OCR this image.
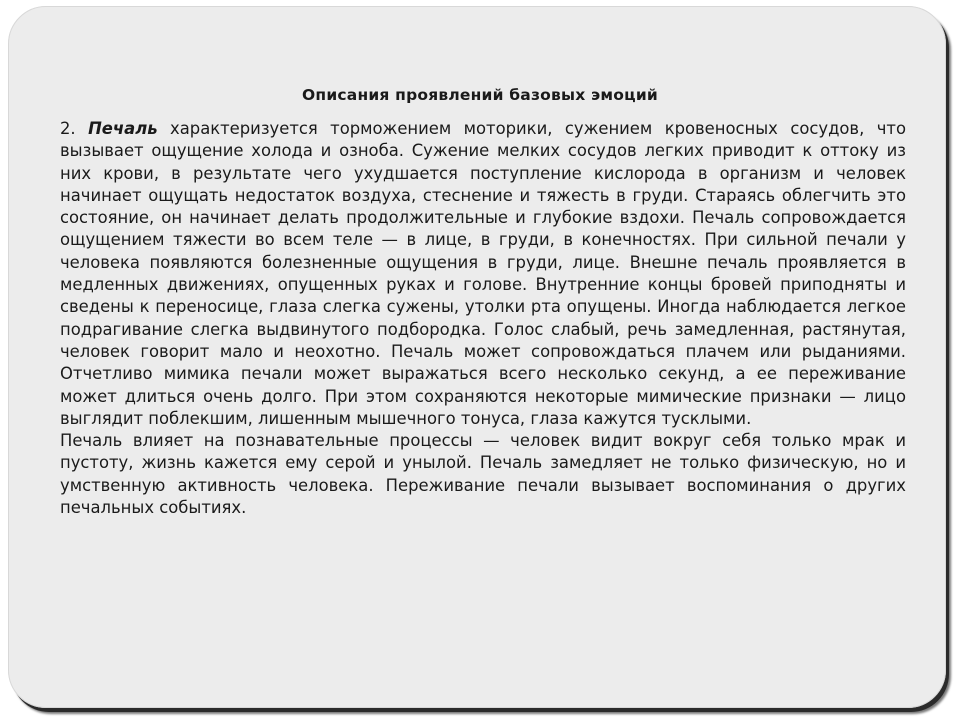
Описания проявлений базовых эмоций

2. Печаль характеризуется торможением моторики, сужением кровеносных сосудов, что вызывает ощущение холода и озноба. Сужение мелких сосудов легких приводит к оттоку из них крови, в результате чего ухудшается поступление кислорода в организм и человек начинает ощущать недостаток воздуха, стеснение и тяжесть в груди. Стараясь облегчить это состояние, он начинает делать продолжительные и глубокие вздохи. Печаль сопровождается ощущением тяжести во всем теле — в лице, в груди, в конечностях. При сильной печали у человека появляются болезненные ощущения в груди, лице. Внешне печаль проявляется в медленных движениях, опущенных руках и голове. Внутренние концы бровей приподняты и сведены к переносице, глаза слегка сужены, утолки рта опущены. Иногда наблюдается легкое подрагивание слегка выдвинутого подбородка. Голос слабый, речь замедленная, растянутая, человек говорит мало и неохотно. Печаль может сопровождаться плачем или рыданиями. Отчетливо мимика печали может выражаться всего несколько секунд, а ее переживание может длиться очень долго. При этом сохраняются некоторые мимические признаки — лицо выглядит поблекшим, лишенным мышечного тонуса, глаза кажутся тусклыми.

Печаль влияет на познавательные процессы — человек видит вокруг себя только мрак и пустоту, жизнь кажется ему серой и унылой. Печаль замедляет не только физическую, но и умственную активность человека. Переживание печали вызывает воспоминания о других печальных событиях.
